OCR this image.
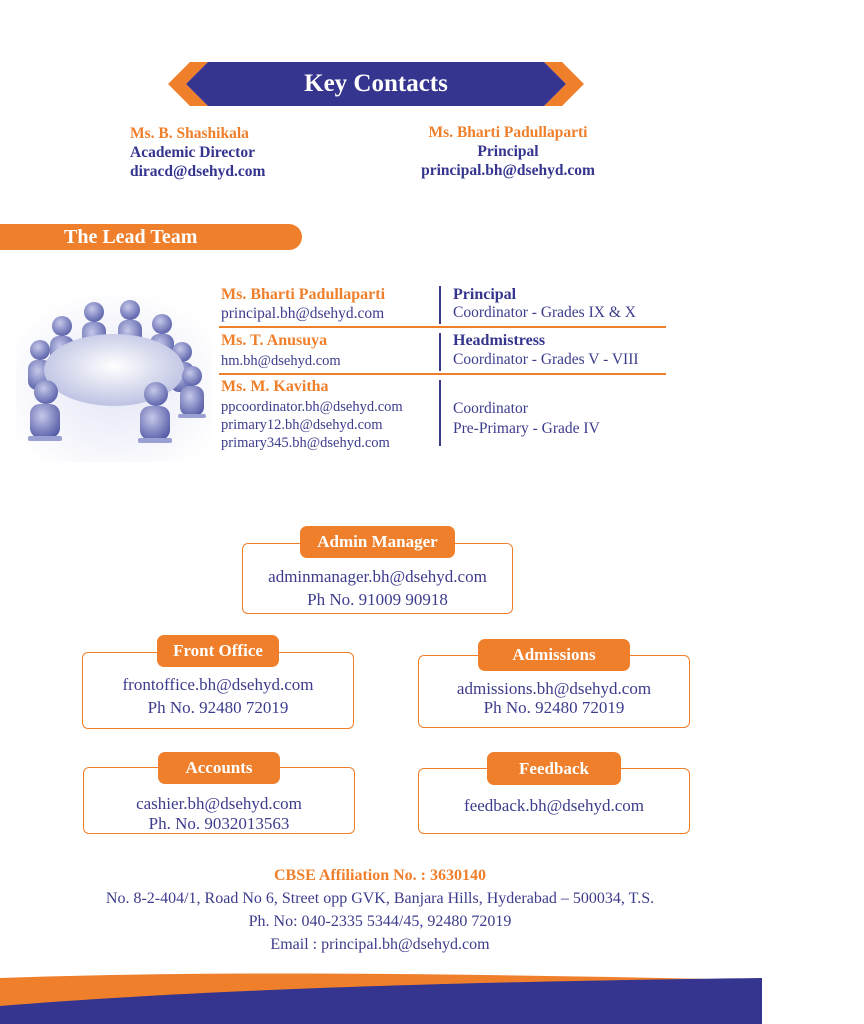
Key Contacts
Ms. B. Shashikala
Academic Director
diracd@dsehyd.com
Ms. Bharti Padullaparti
Principal
principal.bh@dsehyd.com
The Lead Team
Ms. Bharti Padullaparti
principal.bh@dsehyd.com
Principal
Coordinator - Grades IX & X
Ms. T. Anusuya
hm.bh@dsehyd.com
Headmistress
Coordinator - Grades V - VIII
Ms. M. Kavitha
ppcoordinator.bh@dsehyd.com
primary12.bh@dsehyd.com
primary345.bh@dsehyd.com
Coordinator
Pre-Primary - Grade IV
Admin Manager
adminmanager.bh@dsehyd.com
Ph No. 91009 90918
Front Office
frontoffice.bh@dsehyd.com
Ph No. 92480 72019
Admissions
admissions.bh@dsehyd.com
Ph No. 92480 72019
Accounts
cashier.bh@dsehyd.com
Ph. No. 9032013563
Feedback
feedback.bh@dsehyd.com
CBSE Affiliation No. : 3630140
No. 8-2-404/1, Road No 6, Street opp GVK, Banjara Hills, Hyderabad – 500034, T.S.
Ph. No: 040-2335 5344/45, 92480 72019
Email : principal.bh@dsehyd.com
